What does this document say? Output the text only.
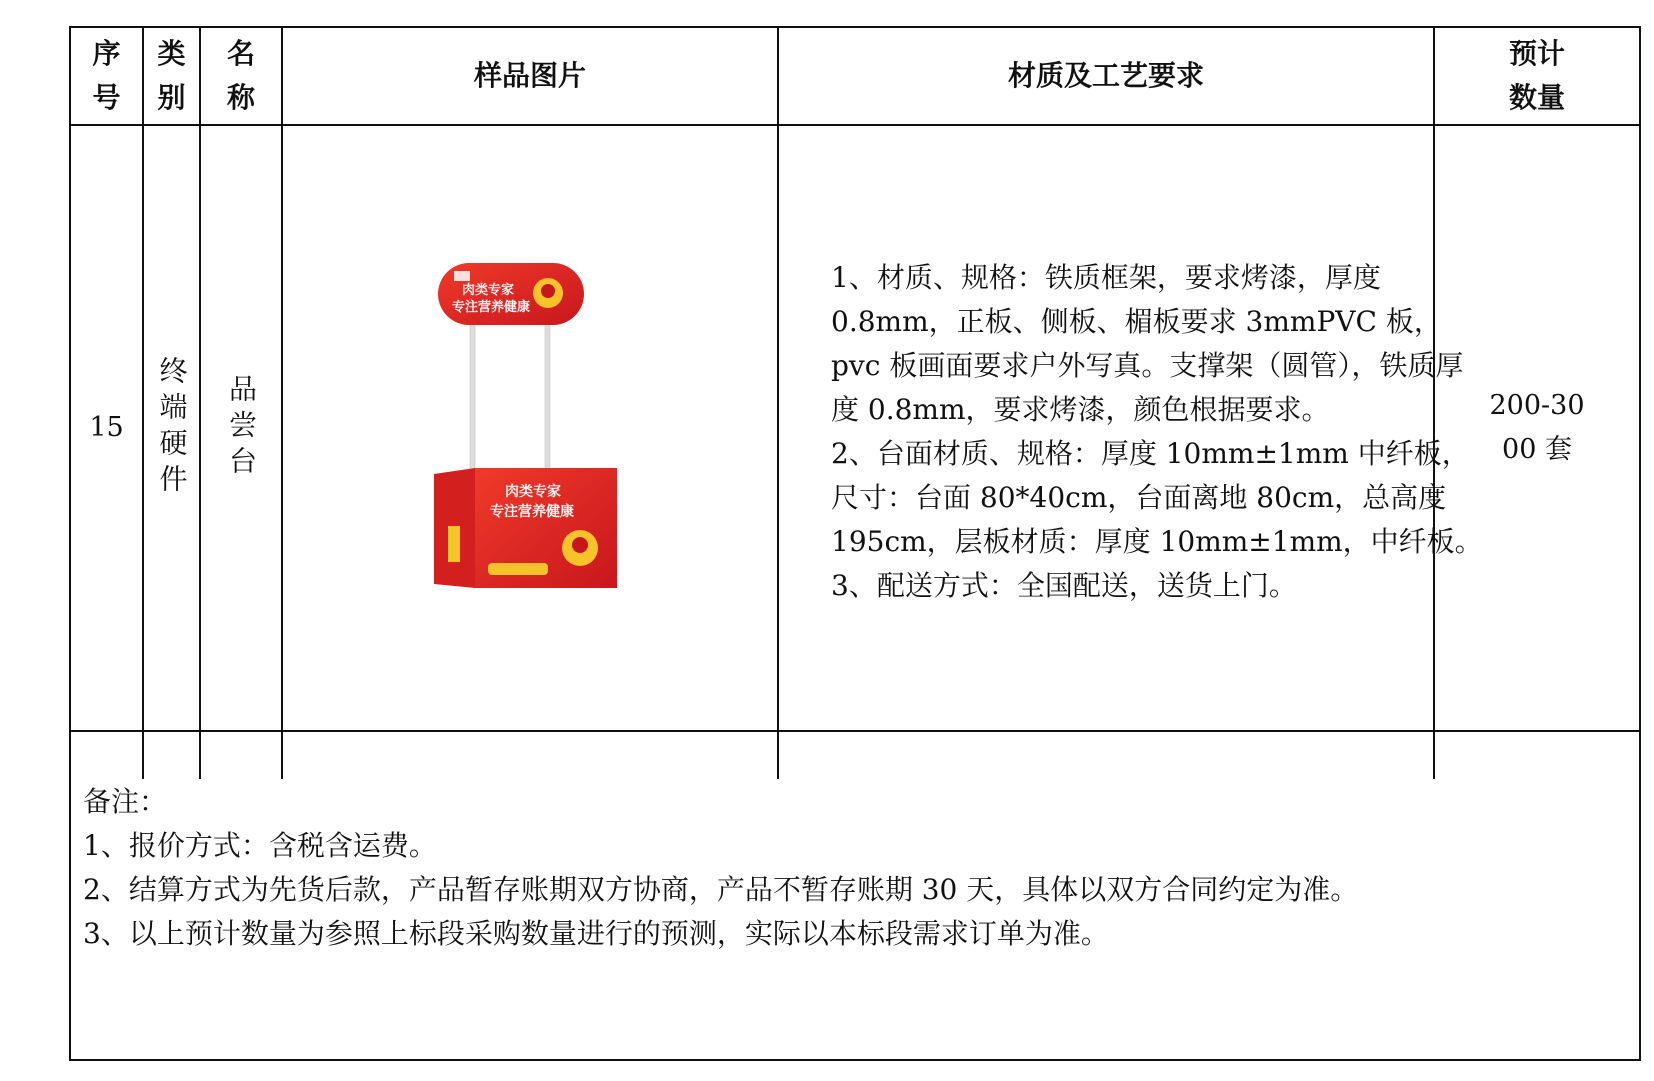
序号
类别
名称
样品图片	材质及工艺要求
预计数量
15 终端硬件 品尝台
肉类专家
专注营养健康
肉类专家
专注营养健康

1、材质、规格：铁质框架，要求烤漆，厚度 0.8mm，正板、侧板、楣板要求 3mmPVC 板，pvc 板画面要求户外写真。支撑架（圆管），铁质厚度 0.8mm，要求烤漆，颜色根据要求。

2、台面材质、规格：厚度 10mm±1mm 中纤板，尺寸：台面 80*40cm，台面离地 80cm，总高度 195cm，层板材质：厚度 10mm±1mm，中纤板。

3、配送方式：全国配送，送货上门。

200-3000 套

备注：

1、报价方式：含税含运费。

2、结算方式为先货后款，产品暂存账期双方协商，产品不暂存账期 30 天，具体以双方合同约定为准。

3、以上预计数量为参照上标段采购数量进行的预测，实际以本标段需求订单为准。
